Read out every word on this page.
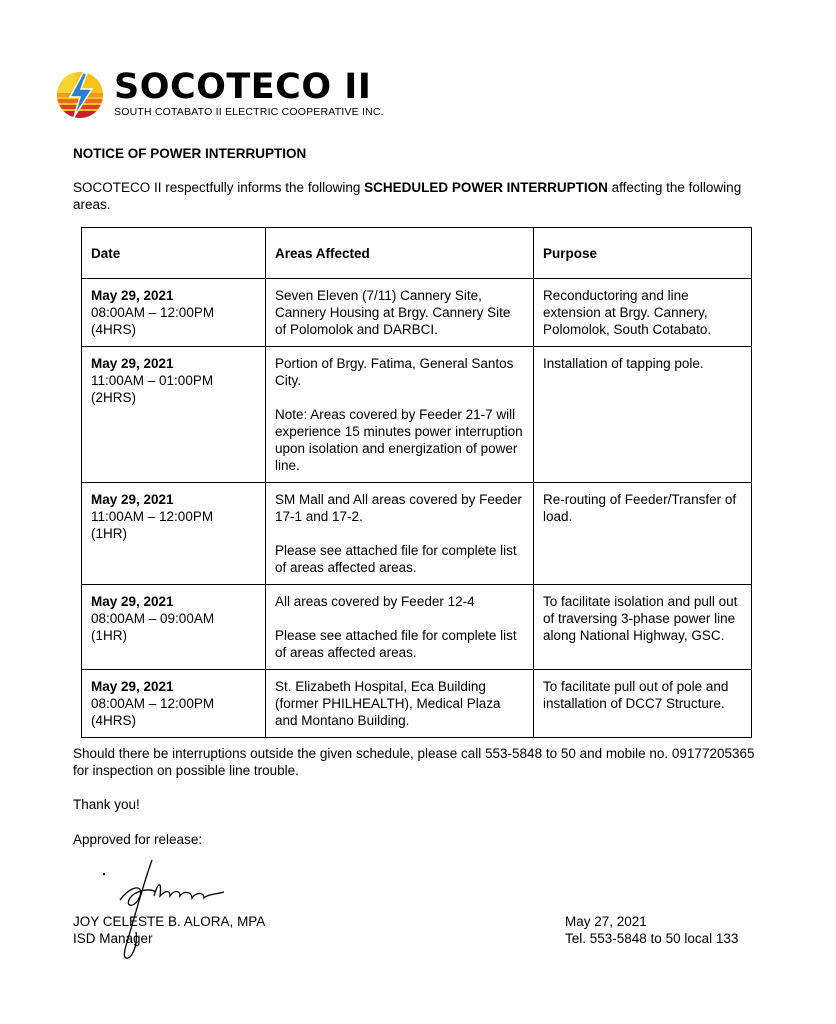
SOCOTECO II
SOUTH COTABATO II ELECTRIC COOPERATIVE INC.
NOTICE OF POWER INTERRUPTION
SOCOTECO II respectfully informs the following SCHEDULED POWER INTERRUPTION affecting the following areas.
Date	Areas Affected	Purpose

May 29, 2021
08:00AM – 12:00PM
(4HRS)	Seven Eleven (7/11) Cannery Site, Cannery Housing at Brgy. Cannery Site of Polomolok and DARBCI.	Reconductoring and line extension at Brgy. Cannery, Polomolok, South Cotabato.

May 29, 2021
11:00AM – 01:00PM
(2HRS)	Portion of Brgy. Fatima, General Santos City.
Note: Areas covered by Feeder 21-7 will experience 15 minutes power interruption upon isolation and energization of power line.	Installation of tapping pole.

May 29, 2021
11:00AM – 12:00PM
(1HR)	SM Mall and All areas covered by Feeder 17-1 and 17-2.
Please see attached file for complete list of areas affected areas.	Re-routing of Feeder/Transfer of load.

May 29, 2021
08:00AM – 09:00AM
(1HR)	All areas covered by Feeder 12-4
Please see attached file for complete list of areas affected areas.	To facilitate isolation and pull out of traversing 3-phase power line along National Highway, GSC.

May 29, 2021
08:00AM – 12:00PM
(4HRS)	St. Elizabeth Hospital, Eca Building (former PHILHEALTH), Medical Plaza and Montano Building.	To facilitate pull out of pole and installation of DCC7 Structure.
Should there be interruptions outside the given schedule, please call 553-5848 to 50 and mobile no. 09177205365 for inspection on possible line trouble.
Thank you!
Approved for release:
JOY CELESTE B. ALORA, MPA
ISD Manager
May 27, 2021
Tel. 553-5848 to 50 local 133
